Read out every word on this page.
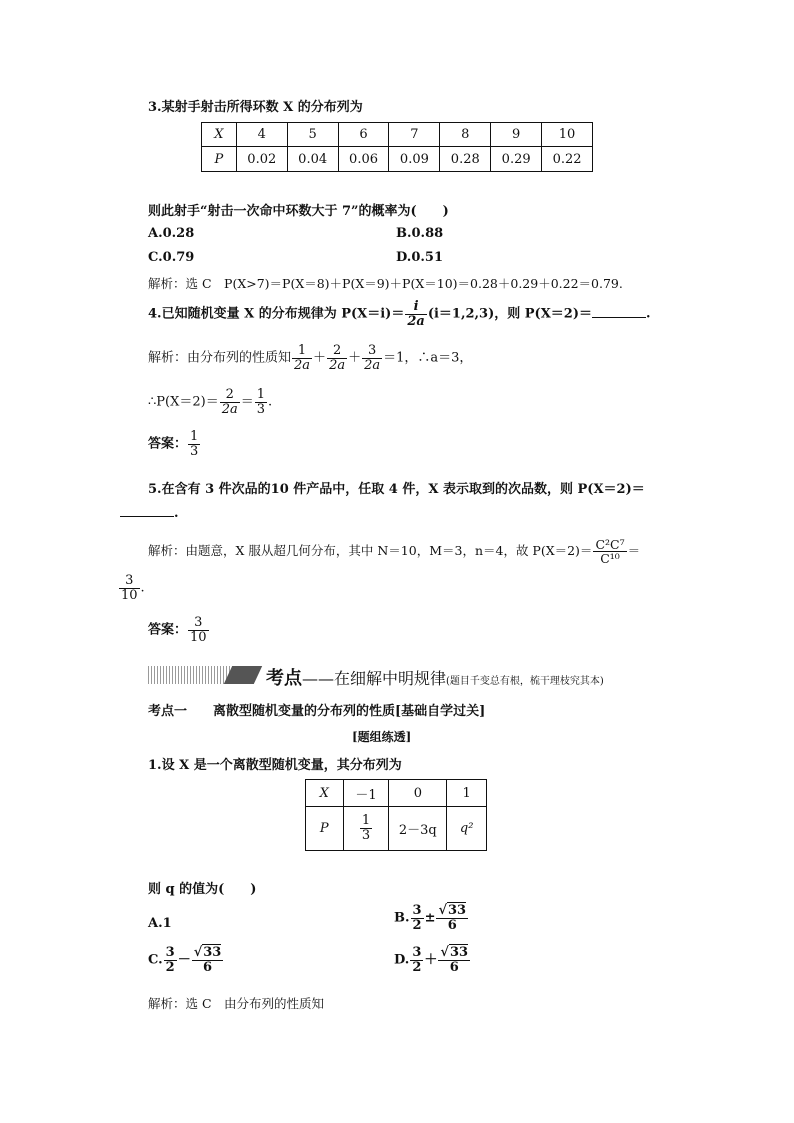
3.某射手射击所得环数 X 的分布列为
X	4	5	6	7	8	9	10
P	0.02	0.04	0.06	0.09	0.28	0.29	0.22
则此射手“射击一次命中环数大于 7”的概率为(　　)
A.0.28	B.0.88
C.0.79	D.0.51
解析：选 C　P(X>7)＝P(X＝8)＋P(X＝9)＋P(X＝10)＝0.28＋0.29＋0.22＝0.79.
4.已知随机变量 X 的分布规律为 $P(X=i)= \frac{i}{2a} (i=1,2,3)$，则 P(X＝2)＝	.
解析：由分布列的性质知 $\frac{1}{2a} + \frac{2}{2a} + \frac{3}{2a} =1$，∴a＝3，
∴P(X＝2)＝ $\frac{2}{2a} = \frac{1}{3}$ .
答案： $\frac{1}{3}$
5.在含有 3 件次品的10 件产品中，任取 4 件，X 表示取到的次品数，则 P(X＝2)＝
.
解析：由题意，X 服从超几何分布，其中 N＝10，M＝3，n＝4，故 $P(X=2)= \frac{\text{C²C⁷}}{\text{C¹⁰}}$ ＝
$\frac{3}{10}$ .
答案： $\frac{3}{10}$
考点——在细解中明规律(题目千变总有根，梳干理枝究其本)
考点一　　离散型随机变量的分布列的性质[基础自学过关]
[题组练透]
1.设 X 是一个离散型随机变量，其分布列为
X	－1	0	1
P	$\frac{1}{3}$	2－3q	q²
则 q 的值为(　　)
A.1	B. $\frac{3}{2} \pm \frac{√33}{6}$
C. $\frac{3}{2} - \frac{√33}{6}$	D. $\frac{3}{2} + \frac{√33}{6}$
解析：选 C　由分布列的性质知
